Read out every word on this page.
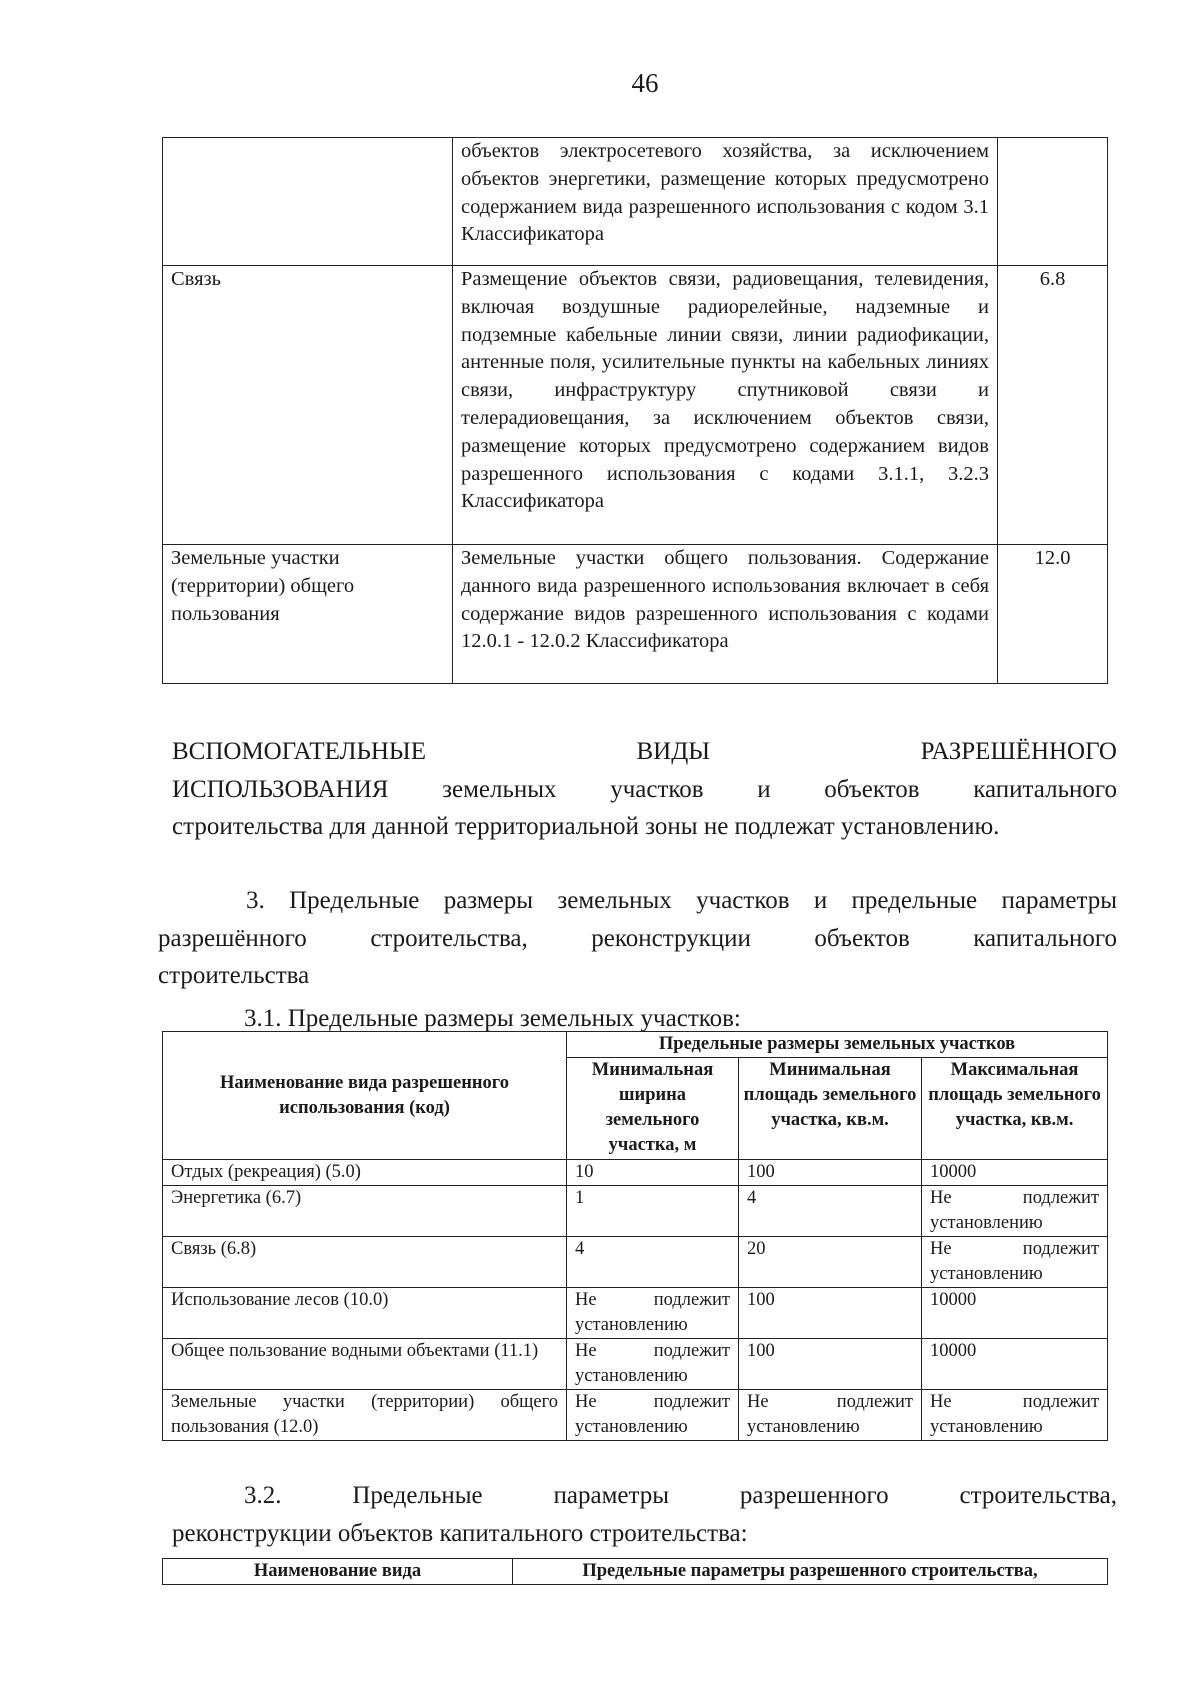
46
	объектов электросетевого хозяйства, за исключением объектов энергетики, размещение которых предусмотрено содержанием вида разрешенного использования с кодом 3.1 Классификатора	
Связь	Размещение объектов связи, радиовещания, телевидения, включая воздушные радиорелейные, надземные и подземные кабельные линии связи, линии радиофикации, антенные поля, усилительные пункты на кабельных линиях связи, инфраструктуру спутниковой связи и телерадиовещания, за исключением объектов связи, размещение которых предусмотрено содержанием видов разрешенного использования с кодами 3.1.1, 3.2.3 Классификатора	6.8
Земельные участки (территории) общего пользования	Земельные участки общего пользования. Содержание данного вида разрешенного использования включает в себя содержание видов разрешенного использования с кодами 12.0.1 - 12.0.2 Классификатора	12.0
ВСПОМОГАТЕЛЬНЫЕ ВИДЫ РАЗРЕШЁННОГО
ИСПОЛЬЗОВАНИЯ земельных участков и объектов капитального
строительства для данной территориальной зоны не подлежат установлению.
3. Предельные размеры земельных участков и предельные параметры
разрешённого строительства, реконструкции объектов капитального
строительства
3.1. Предельные размеры земельных участков:
Наименование вида разрешенного использования (код)	Предельные размеры земельных участков		
	Минимальная ширина земельного участка, м	Минимальная площадь земельного участка, кв.м.	Максимальная площадь земельного участка, кв.м.
Отдых (рекреация) (5.0)	10	100	10000
Энергетика (6.7)	1	4	Не подлежит установлению
Связь (6.8)	4	20	Не подлежит установлению
Использование лесов (10.0)	Не подлежит установлению	100	10000
Общее пользование водными объектами (11.1)	Не подлежит установлению	100	10000
Земельные участки (территории) общего пользования (12.0)	Не подлежит установлению	Не подлежит установлению	Не подлежит установлению
3.2. Предельные параметры разрешенного строительства,
реконструкции объектов капитального строительства:
Наименование вида	Предельные параметры разрешенного строительства,
